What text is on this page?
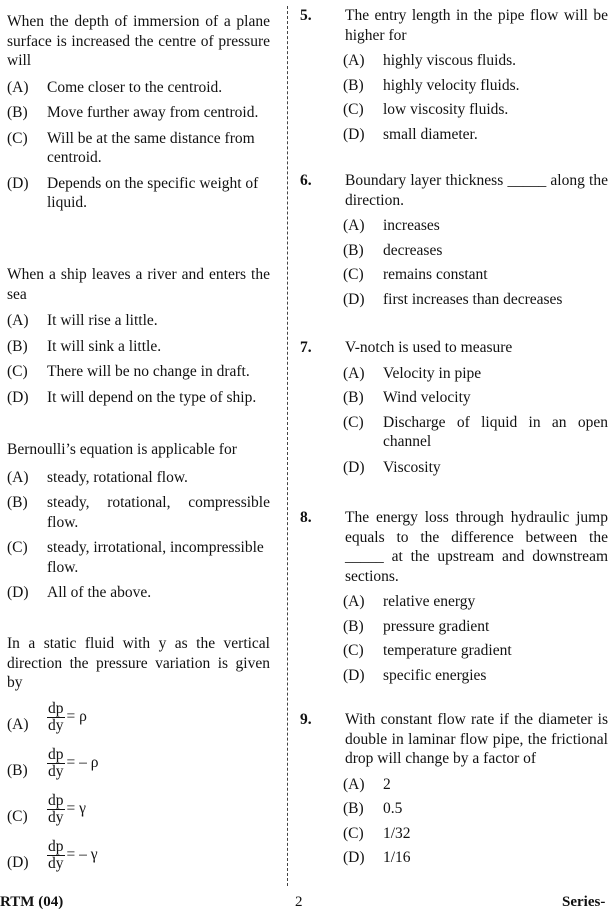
When the depth of immersion of a plane surface is increased the centre of pressure will
(A) Come closer to the centroid.
(B) Move further away from centroid.
(C) Will be at the same distance from centroid.
(D) Depends on the specific weight of liquid.
When a ship leaves a river and enters the sea
(A) It will rise a little.
(B) It will sink a little.
(C) There will be no change in draft.
(D) It will depend on the type of ship.
Bernoulli’s equation is applicable for
(A) steady, rotational flow.
(B) steady, rotational, compressible flow.
(C) steady, irrotational, incompressible flow.
(D) All of the above.
In a static fluid with y as the vertical direction the pressure variation is given by
$(A) \frac{dp}{dy} = \rho$
$(B) \frac{dp}{dy}$ = – ρ
$(C) \frac{dp}{dy} = \gamma$
$(D) \frac{dp}{dy}$ = – γ
5. The entry length in the pipe flow will be higher for
(A) highly viscous fluids.
(B) highly velocity fluids.
(C) low viscosity fluids.
(D) small diameter.
6. Boundary layer thickness _____ along the direction.
(A) increases
(B) decreases
(C) remains constant
(D) first increases than decreases
7. V-notch is used to measure
(A) Velocity in pipe
(B) Wind velocity
(C) Discharge of liquid in an open channel
(D) Viscosity
8. The energy loss through hydraulic jump equals to the difference between the _____ at the upstream and downstream sections.
(A) relative energy
(B) pressure gradient
(C) temperature gradient
(D) specific energies
9. With constant flow rate if the diameter is double in laminar flow pipe, the frictional drop will change by a factor of
(A) 2
(B) 0.5
(C) 1/32
(D) 1/16
RTM (04)	2	Series-
